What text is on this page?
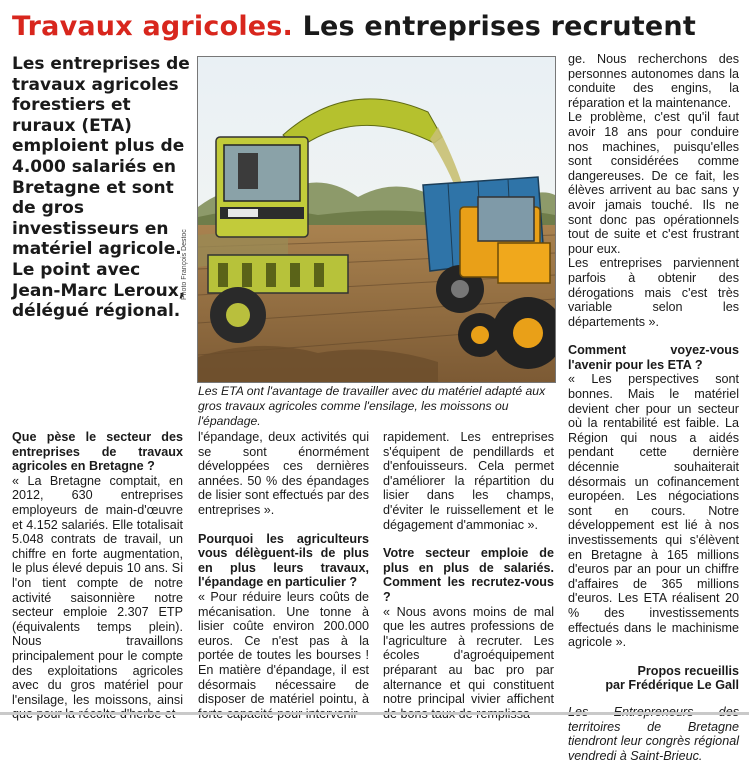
Travaux agricoles. Les entreprises recrutent
Les entreprises de travaux agricoles forestiers et ruraux (ETA) emploient plus de 4.000 salariés en Bretagne et sont de gros investisseurs en matériel agricole. Le point avec Jean-Marc Leroux, délégué régional.
Photo François Destoc
Les ETA ont l'avantage de travailler avec du matériel adapté aux gros travaux agricoles comme l'ensilage, les moissons ou l'épandage.

Que pèse le secteur des entreprises de travaux agricoles en Bretagne ?

« La Bretagne comptait, en 2012, 630 entreprises employeurs de main-d'œuvre et 4.152 salariés. Elle totalisait 5.048 contrats de travail, un chiffre en forte augmentation, le plus élevé depuis 10 ans. Si l'on tient compte de notre activité saisonnière notre secteur emploie 2.307 ETP (équivalents temps plein). Nous travaillons principalement pour le compte des exploitations agricoles avec du gros matériel pour l'ensilage, les moissons, ainsi

l'épandage, deux activités qui se sont énormément développées ces dernières années. 50 % des épandages de lisier sont effectués par des entreprises ».

Pourquoi les agriculteurs vous délèguent-ils de plus en plus leurs travaux, l'épandage en particulier ?

« Pour réduire leurs coûts de mécanisation. Une tonne à lisier coûte environ 200.000 euros. Ce n'est pas à la portée de toutes les bourses ! En matière d'épandage, il est désormais nécessaire de disposer de matériel pointu, à

rapidement. Les entreprises s'équipent de pendillards et d'enfouisseurs. Cela permet d'améliorer la répartition du lisier dans les champs, d'éviter le ruissellement et le dégagement d'ammoniac ».

Votre secteur emploie de plus en plus de salariés. Comment les recrutez-vous ?

« Nous avons moins de mal que les autres professions de l'agriculture à recruter. Les écoles d'agroéquipement préparant au bac pro par alternance et qui constituent notre principal vivier affichent

ge. Nous recherchons des personnes autonomes dans la conduite des engins, la réparation et la maintenance.

Le problème, c'est qu'il faut avoir 18 ans pour conduire nos machines, puisqu'elles sont considérées comme dangereuses. De ce fait, les élèves arrivent au bac sans y avoir jamais touché. Ils ne sont donc pas opérationnels tout de suite et c'est frustrant pour eux.

Les entreprises parviennent parfois à obtenir des dérogations mais c'est très variable selon les départements ».

Comment voyez-vous l'avenir pour les ETA ?

« Les perspectives sont bonnes. Mais le matériel devient cher pour un secteur où la rentabilité est faible. La Région qui nous a aidés pendant cette dernière décennie souhaiterait désormais un cofinancement européen. Les négociations sont en cours. Notre développement est lié à nos investissements qui s'élèvent en Bretagne à 165 millions d'euros par an pour un chiffre d'affaires de 365 millions d'euros. Les ETA réalisent 20 % des investissements effectués dans le machinisme agricole ».

Propos recueillis

par Frédérique Le Gall

territoires de Bretagne tiendront leur congrès régional vendredi à Saint-Brieuc.
